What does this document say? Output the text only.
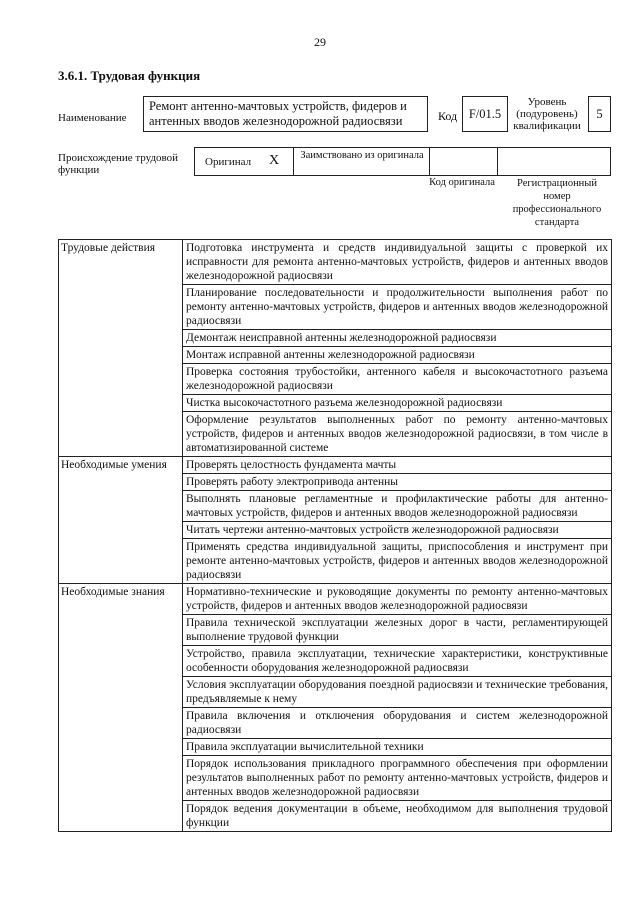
29
3.6.1. Трудовая функция
Наименование
Ремонт антенно-мачтовых устройств, фидеров и антенных вводов железнодорожной радиосвязи	Код F/01.5
Уровень (подуровень) квалификации
5
Происхождение трудовой функции
Оригинал X Заимствовано из оригинала
Код оригинала	Регистрационный номер профессионального стандарта
Трудовые действия	Подготовка инструмента и средств индивидуальной защиты с проверкой их исправности для ремонта антенно-мачтовых устройств, фидеров и антенных вводов железнодорожной радиосвязи
	Планирование последовательности и продолжительности выполнения работ по ремонту антенно-мачтовых устройств, фидеров и антенных вводов железнодорожной радиосвязи
	Демонтаж неисправной антенны железнодорожной радиосвязи
	Монтаж исправной антенны железнодорожной радиосвязи
	Проверка состояния трубостойки, антенного кабеля и высокочастотного разъема железнодорожной радиосвязи
	Чистка высокочастотного разъема железнодорожной радиосвязи
	Оформление результатов выполненных работ по ремонту антенно-мачтовых устройств, фидеров и антенных вводов железнодорожной радиосвязи, в том числе в автоматизированной системе
Необходимые умения	Проверять целостность фундамента мачты
	Проверять работу электропривода антенны
	Выполнять плановые регламентные и профилактические работы для антенно-мачтовых устройств, фидеров и антенных вводов железнодорожной радиосвязи
	Читать чертежи антенно-мачтовых устройств железнодорожной радиосвязи
	Применять средства индивидуальной защиты, приспособления и инструмент при ремонте антенно-мачтовых устройств, фидеров и антенных вводов железнодорожной радиосвязи
Необходимые знания	Нормативно-технические и руководящие документы по ремонту антенно-мачтовых устройств, фидеров и антенных вводов железнодорожной радиосвязи
	Правила технической эксплуатации железных дорог в части, регламентирующей выполнение трудовой функции
	Устройство, правила эксплуатации, технические характеристики, конструктивные особенности оборудования железнодорожной радиосвязи
	Условия эксплуатации оборудования поездной радиосвязи и технические требования, предъявляемые к нему
	Правила включения и отключения оборудования и систем железнодорожной радиосвязи
	Правила эксплуатации вычислительной техники
	Порядок использования прикладного программного обеспечения при оформлении результатов выполненных работ по ремонту антенно-мачтовых устройств, фидеров и антенных вводов железнодорожной радиосвязи
	Порядок ведения документации в объеме, необходимом для выполнения трудовой функции
